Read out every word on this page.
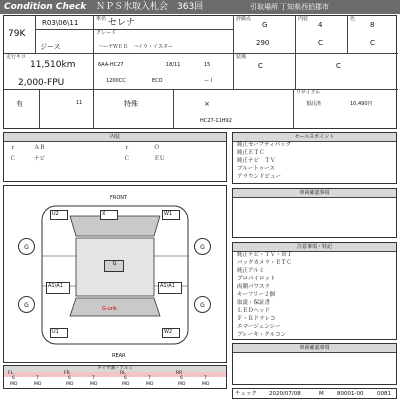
Condition Check ＮＰＳ氷取入札会　363回	引取場所 丁知県西伯郡市
79K
R03\06\11	車名 セレナ	評価点
G
290
内装
4
C
色
8
C
ジース
グレード
ハーヤＷＥＢ　ハイウ・イスター
走行キロ
11,510km
2,000-FPU
6AA-HC27	18/11	15
1200CC	ECO	ーｌ
装備
C	C
有	11	特殊	×
HC27-11H92
リサイクル
預託済	10,490円
内装
ｒ	ＡＢ
Ｃ	ナビ
ｒ	Ｏ
Ｃ	ＥＵ
FRONT
REAR
U2	X	W1
G
A1\A1	A1\A1
G-unk
U1	W2
G	G
G	G
タイヤ溝・アルミ
FL	FR	RL	RR
6	7	6	7	6	7	6	7
MO	MO	MO	MO	MO	MO	MO	MO
セールスポイント
純正セーフティパック
純正ＥＴＣ
純正ナビ　ＴＶ
ブルートゥース
アラウンドビュー
車両確認事項
注意事項・特記
純正ナビ・ＴＶ・ＢＴ
バックカメラ・ＥＴＣ
純正アルミ
プロパイロット
両側パワスラ
キーフリー２個
取説・保証書
ＬＥＤヘッド
Ｆ・Ｒドラレコ
エマージェンシー
ブレーキ・クルコン
車両確認事項
チェック 2020/07/08	M 80001-00 0081
